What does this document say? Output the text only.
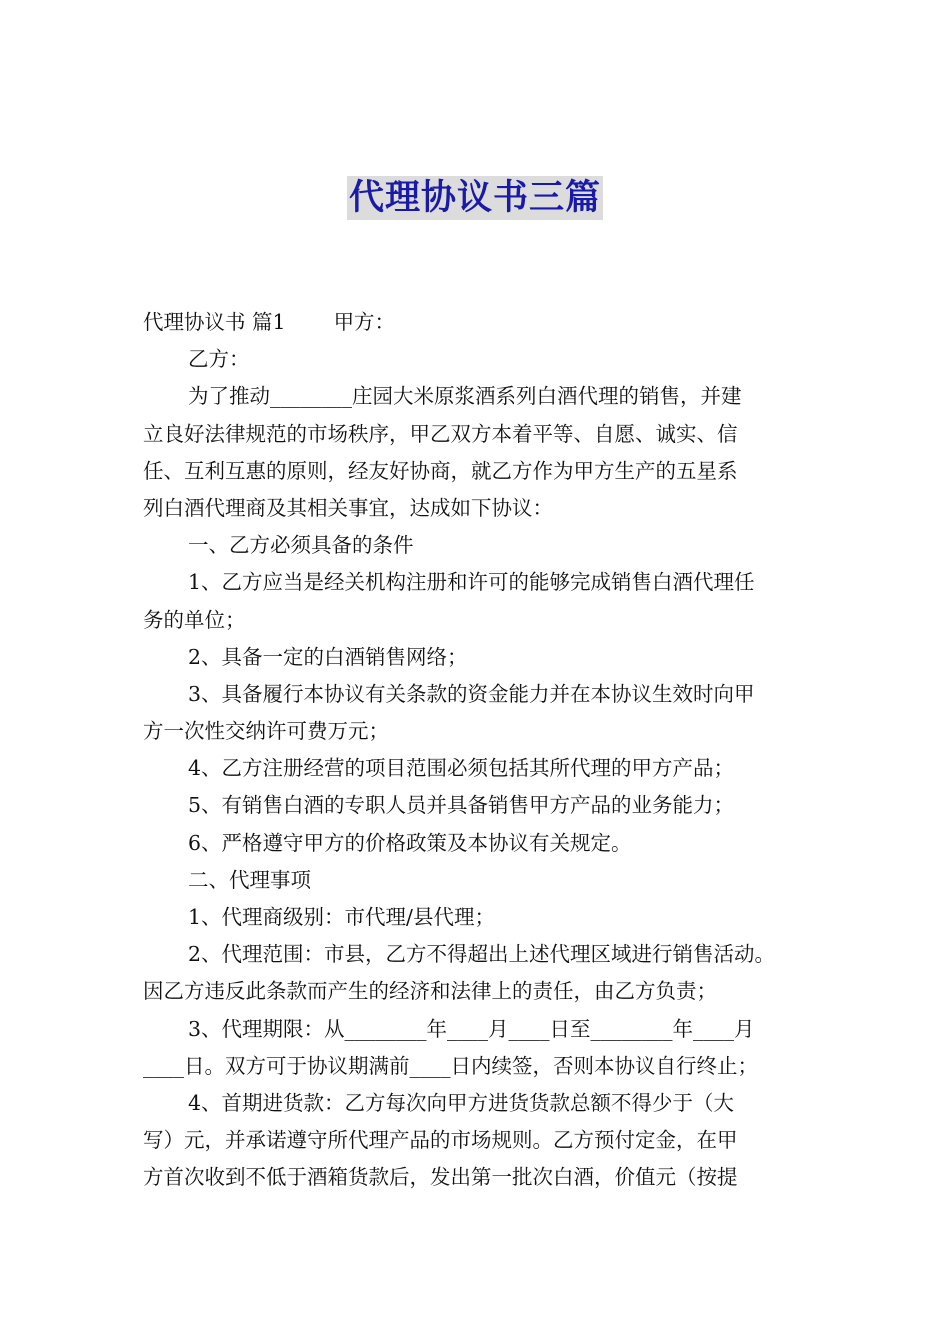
代理协议书三篇
代理协议书 篇1 甲方：
乙方：
为了推动________庄园大米原浆酒系列白酒代理的销售，并建
立良好法律规范的市场秩序，甲乙双方本着平等、自愿、诚实、信
任、互利互惠的原则，经友好协商，就乙方作为甲方生产的五星系
列白酒代理商及其相关事宜，达成如下协议：
一、乙方必须具备的条件
1、乙方应当是经关机构注册和许可的能够完成销售白酒代理任
务的单位；
2、具备一定的白酒销售网络；
3、具备履行本协议有关条款的资金能力并在本协议生效时向甲
方一次性交纳许可费万元；
4、乙方注册经营的项目范围必须包括其所代理的甲方产品；
5、有销售白酒的专职人员并具备销售甲方产品的业务能力；
6、严格遵守甲方的价格政策及本协议有关规定。
二、代理事项
1、代理商级别：市代理/县代理；
2、代理范围：市县，乙方不得超出上述代理区域进行销售活动。
因乙方违反此条款而产生的经济和法律上的责任，由乙方负责；
3、代理期限：从________年____月____日至________年____月
____日。双方可于协议期满前____日内续签，否则本协议自行终止；
4、首期进货款：乙方每次向甲方进货货款总额不得少于（大
写）元，并承诺遵守所代理产品的市场规则。乙方预付定金，在甲
方首次收到不低于酒箱货款后，发出第一批次白酒，价值元（按提
